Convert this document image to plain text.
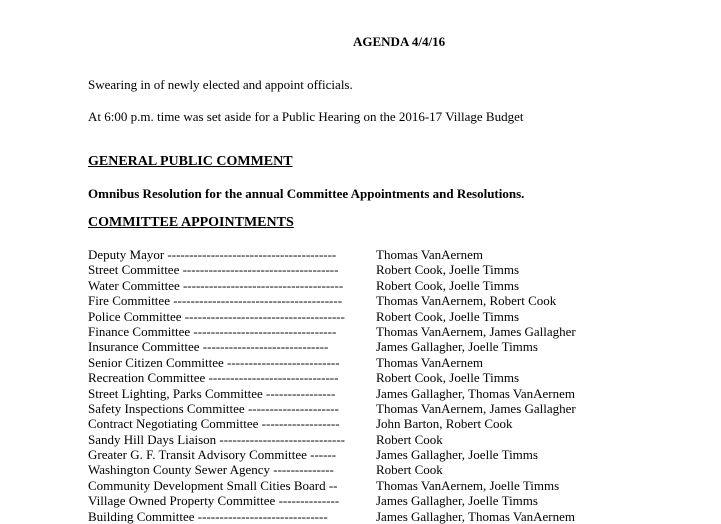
AGENDA 4/4/16
Swearing in of newly elected and appoint officials.
At 6:00 p.m. time was set aside for a Public Hearing on the 2016-17 Village Budget
GENERAL PUBLIC COMMENT
Omnibus Resolution for the annual Committee Appointments and Resolutions.
COMMITTEE APPOINTMENTS
Deputy Mayor ---------------------------------------	Thomas VanAernem
Street Committee ------------------------------------	Robert Cook, Joelle Timms
Water Committee -------------------------------------	Robert Cook, Joelle Timms
Fire Committee ---------------------------------------	Thomas VanAernem, Robert Cook
Police Committee ------------------------------------- Robert Cook, Joelle Timms
Finance Committee ---------------------------------	Thomas VanAernem, James Gallagher
Insurance Committee -----------------------------	James Gallagher, Joelle Timms
Senior Citizen Committee --------------------------	Thomas VanAernem
Recreation Committee ------------------------------	Robert Cook, Joelle Timms
Street Lighting, Parks Committee ----------------	James Gallagher, Thomas VanAernem
Safety Inspections Committee ---------------------	Thomas VanAernem, James Gallagher
Contract Negotiating Committee ------------------	John Barton, Robert Cook
Sandy Hill Days Liaison ----------------------------- Robert Cook
Greater G. F. Transit Advisory Committee ------	James Gallagher, Joelle Timms
Washington County Sewer Agency --------------	Robert Cook
Community Development Small Cities Board --	Thomas VanAernem, Joelle Timms
Village Owned Property Committee --------------	James Gallagher, Joelle Timms
Building Committee ------------------------------	James Gallagher, Thomas VanAernem
